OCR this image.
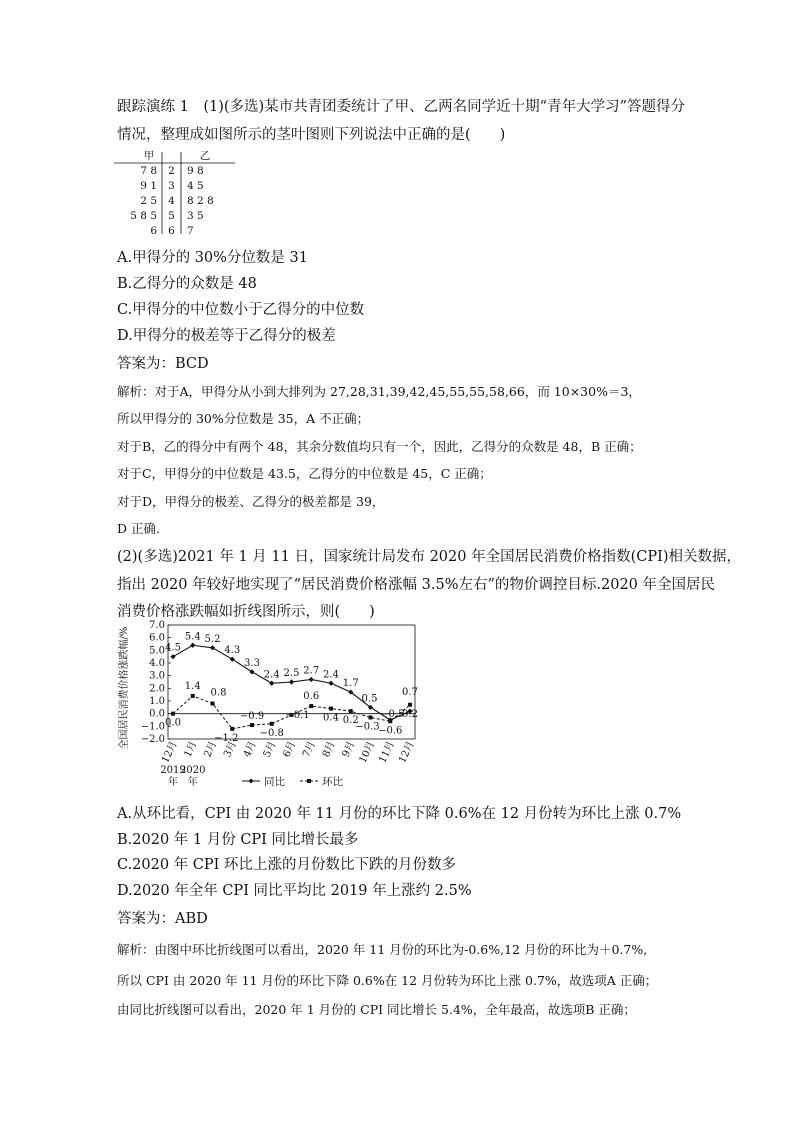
跟踪演练 1　(1)(多选)某市共青团委统计了甲、乙两名同学近十期“青年大学习”答题得分
情况，整理成如图所示的茎叶图则下列说法中正确的是(　　)
甲	乙
7 8 2 9 8
9 1 3 4 5
2 5 4 8 2 8
5 8 5 5 3 5
6 6 7
A.甲得分的 30%分位数是 31
B.乙得分的众数是 48
C.甲得分的中位数小于乙得分的中位数
D.甲得分的极差等于乙得分的极差
答案为：BCD
解析：对于A，甲得分从小到大排列为 27,28,31,39,42,45,55,55,58,66，而 10×30%＝3，
所以甲得分的 30%分位数是 35，A 不正确；
对于B，乙的得分中有两个 48，其余分数值均只有一个，因此，乙得分的众数是 48，B 正确；
对于C，甲得分的中位数是 43.5，乙得分的中位数是 45，C 正确；
对于D，甲得分的极差、乙得分的极差都是 39，
D 正确.
(2)(多选)2021 年 1 月 11 日，国家统计局发布 2020 年全国居民消费价格指数(CPI)相关数据，
指出 2020 年较好地实现了“居民消费价格涨幅 3.5%左右”的物价调控目标.2020 年全国居民
消费价格涨跌幅如折线图所示，则(　　)
7.0
6.0
5.0
4.0
3.0
2.0
1.0
0.0
−1.0
−2.0
全国居民消费价格涨跌幅/%
12月 1月 2月 3月 4月 5月 6月 7月 8月 9月 10月 11月 12月
2019
年
2020
年
4.5
5.4 5.2
4.3
3.3
2.4 2.5 2.7 2.4
1.7
0.5
−0.5
0.7
0.0
1.4
0.8
−1.2
−0.9
−0.8
−0.1
0.6
0.4 0.2
−0.3
−0.6
0.2
同比	环比
A.从环比看，CPI 由 2020 年 11 月份的环比下降 0.6%在 12 月份转为环比上涨 0.7%
B.2020 年 1 月份 CPI 同比增长最多
C.2020 年 CPI 环比上涨的月份数比下跌的月份数多
D.2020 年全年 CPI 同比平均比 2019 年上涨约 2.5%
答案为：ABD
解析：由图中环比折线图可以看出，2020 年 11 月份的环比为-0.6%,12 月份的环比为＋0.7%,
所以 CPI 由 2020 年 11 月份的环比下降 0.6%在 12 月份转为环比上涨 0.7%，故选项A 正确；
由同比折线图可以看出，2020 年 1 月份的 CPI 同比增长 5.4%，全年最高，故选项B 正确；
